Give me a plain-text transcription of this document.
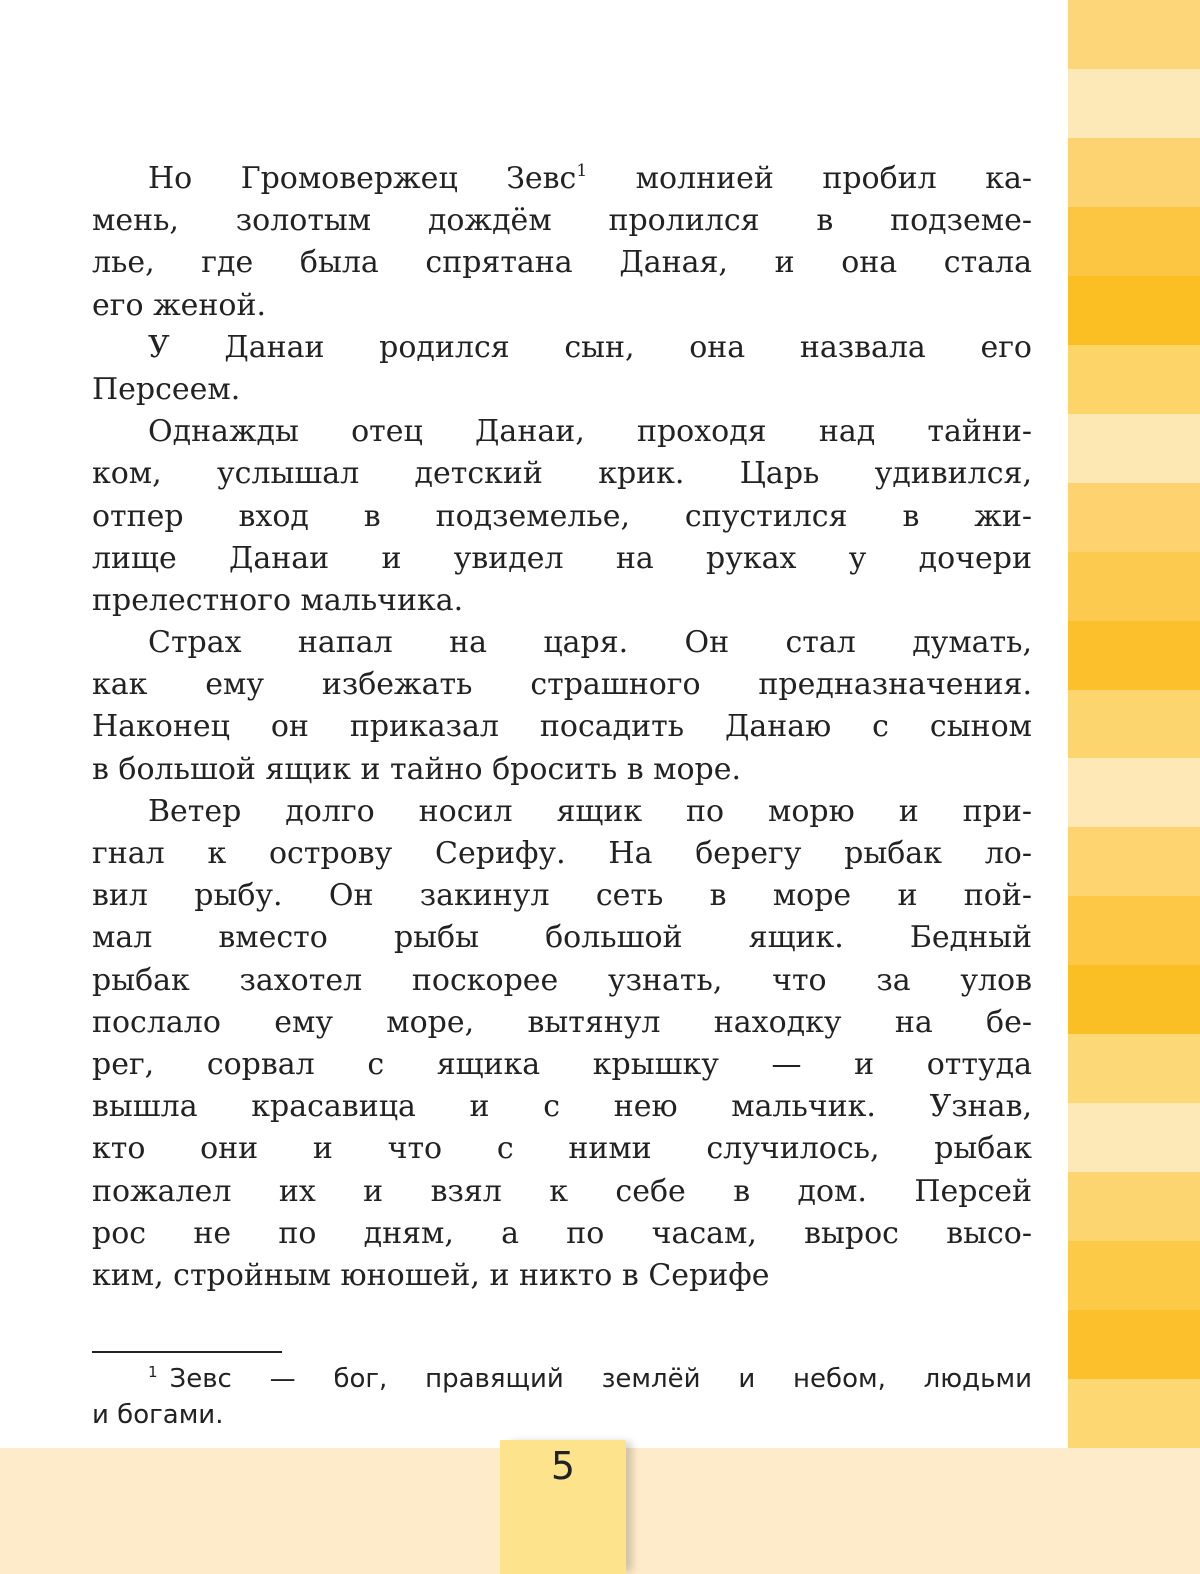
Но Громовержец Зевс$^1$ молнией пробил ка-
мень, золотым дождём пролился в подземе-
лье, где была спрятана Даная, и она стала
его женой.
У Данаи родился сын, она назвала его
Персеем.
Однажды отец Данаи, проходя над тайни-
ком, услышал детский крик. Царь удивился,
отпер вход в подземелье, спустился в жи-
лище Данаи и увидел на руках у дочери
прелестного мальчика.
Страх напал на царя. Он стал думать,
как ему избежать страшного предназначения.
Наконец он приказал посадить Данаю с сыном
в большой ящик и тайно бросить в море.
Ветер долго носил ящик по морю и при-
гнал к острову Серифу. На берегу рыбак ло-
вил рыбу. Он закинул сеть в море и пой-
мал вместо рыбы большой ящик. Бедный
рыбак захотел поскорее узнать, что за улов
послало ему море, вытянул находку на бе-
рег, сорвал с ящика крышку — и оттуда
вышла красавица и с нею мальчик. Узнав,
кто они и что с ними случилось, рыбак
пожалел их и взял к себе в дом. Персей
рос не по дням, а по часам, вырос высо-
ким, стройным юношей, и никто в Серифе
$^1$ Зевс — бог, правящий землёй и небом, людьми
и богами.
5
